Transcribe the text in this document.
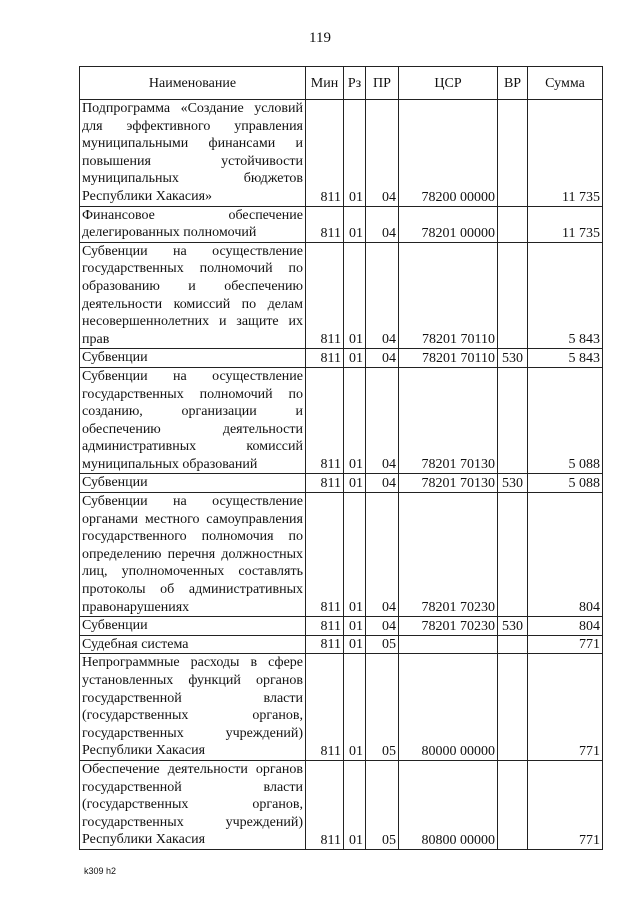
119
Наименование	Мин	Рз	ПР	ЦСР	ВР	Сумма
Подпрограмма «Создание условий для эффективного управления муниципальными финансами и повышения устойчивости муниципальных бюджетов Республики Хакасия»	811	01	04	78200 00000		11 735
Финансовое обеспечение делегированных полномочий	811	01	04	78201 00000		11 735
Субвенции на осуществление государственных полномочий по образованию и обеспечению деятельности комиссий по делам несовершеннолетних и защите их прав	811	01	04	78201 70110		5 843
Субвенции	811	01	04	78201 70110	530	5 843
Субвенции на осуществление государственных полномочий по созданию, организации и обеспечению деятельности административных комиссий муниципальных образований	811	01	04	78201 70130		5 088
Субвенции	811	01	04	78201 70130	530	5 088
Субвенции на осуществление органами местного самоуправления государственного полномочия по определению перечня должностных лиц, уполномоченных составлять протоколы об административных правонарушениях	811	01	04	78201 70230		804
Субвенции	811	01	04	78201 70230	530	804
Судебная система	811	01	05			771
Непрограммные расходы в сфере установленных функций органов государственной власти (государственных органов, государственных учреждений) Республики Хакасия	811	01	05	80000 00000		771
Обеспечение деятельности органов государственной власти (государственных органов, государственных учреждений) Республики Хакасия	811	01	05	80800 00000		771
k309 h2
